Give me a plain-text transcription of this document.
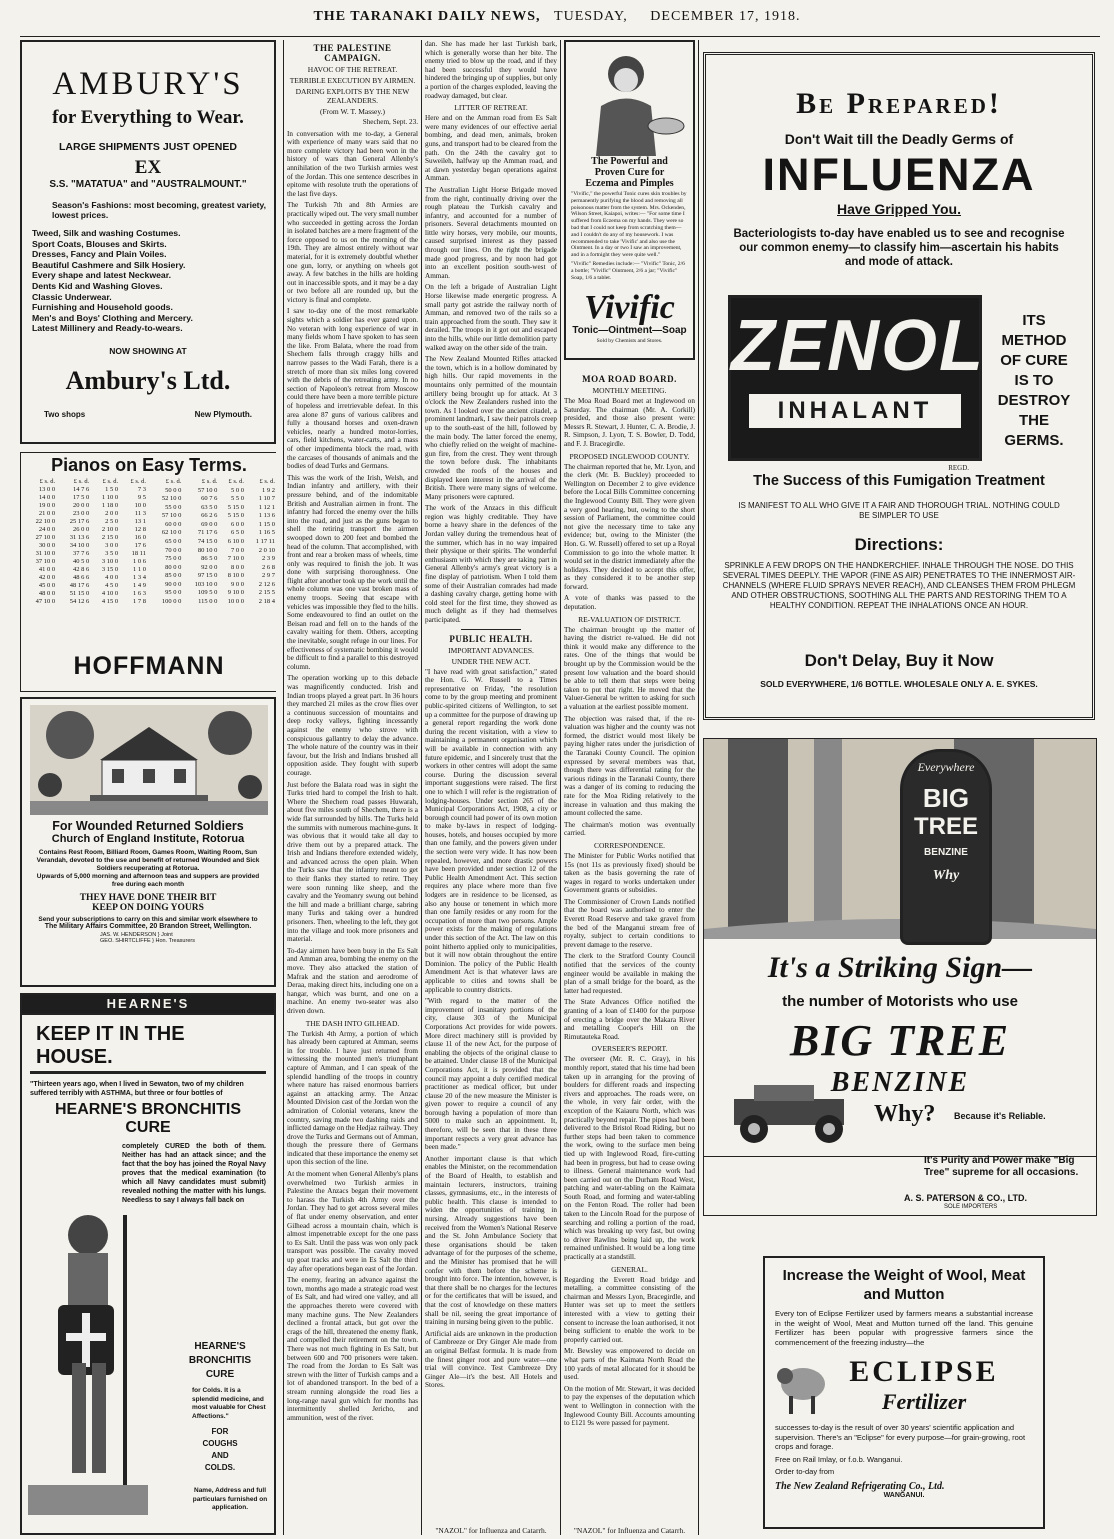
THE TARANAKI DAILY NEWS, TUESDAY, DECEMBER 17, 1918.
AMBURY'S
for Everything to Wear.
LARGE SHIPMENTS JUST OPENED
EX
S.S. "MATATUA" and "AUSTRALMOUNT."
Season's Fashions: most becoming, greatest variety, lowest prices.
Tweed, Silk and washing Costumes.
Sport Coats, Blouses and Skirts.
Dresses, Fancy and Plain Voiles.
Beautiful Cashmere and Silk Hosiery.
Every shape and latest Neckwear.
Dents Kid and Washing Gloves.
Classic Underwear.
Furnishing and Household goods.
Men's and Boys' Clothing and Mercery.
Latest Millinery and Ready-to-wears.
NOW SHOWING AT
Ambury's Ltd.
Two shops	New Plymouth.
Pianos on Easy Terms.
£ s. d.	£ s. d.	£ s. d.	£ s. d.
13 0 0	14 7 6	1 5 0	7 3
14 0 0	17 5 0	1 10 0	9 5
19 0 0	20 0 0	1 18 0	10 0
21 0 0	23 0 0	2 0 0	11 3
22 10 0	25 17 6	2 5 0	13 1
24 0 0	26 0 0	2 10 0	12 8
27 10 0	31 13 6	2 15 0	16 0
30 0 0	34 10 0	3 0 0	17 6
31 10 0	37 7 6	3 5 0	18 11
37 10 0	40 5 0	3 10 0	1 0 6
41 0 0	42 8 6	3 15 0	1 1 0
42 0 0	48 6 6	4 0 0	1 3 4
45 0 0	48 17 6	4 5 0	1 4 9
48 0 0	51 15 0	4 10 0	1 6 3
47 10 0	54 12 6	4 15 0	1 7 8
£ s. d.	£ s. d.	£ s. d.	£ s. d.
50 0 0	57 10 0	5 0 0	1 9 2
52 10 0	60 7 6	5 5 0	1 10 7
55 0 0	63 5 0	5 15 0	1 12 1
57 10 0	66 2 6	5 15 0	1 13 6
60 0 0	69 0 0	6 0 0	1 15 0
62 10 0	71 17 6	6 5 0	1 16 5
65 0 0	74 15 0	6 10 0	1 17 11
70 0 0	80 10 0	7 0 0	2 0 10
75 0 0	86 5 0	7 10 0	2 3 9
80 0 0	92 0 0	8 0 0	2 6 8
85 0 0	97 15 0	8 10 0	2 9 7
90 0 0	103 10 0	9 0 0	2 12 6
95 0 0	109 5 0	9 10 0	2 15 5
100 0 0	115 0 0	10 0 0	2 18 4
HOFFMANN
For Wounded Returned Soldiers
Church of England Institute, Rotorua
Contains Rest Room, Billiard Room, Games Room, Waiting Room, Sun Verandah, devoted to the use and benefit of returned Wounded and Sick Soldiers recuperating at Rotorua.
Upwards of 5,000 morning and afternoon teas and suppers are provided free during each month
THEY HAVE DONE THEIR BIT
KEEP ON DOING YOURS
Send your subscriptions to carry on this and similar work elsewhere to
The Military Affairs Committee, 20 Brandon Street, Wellington.
JAS. W. HENDERSON } Joint
GEO. SHIRTCLIFFE } Hon. Treasurers
HEARNE'S
KEEP IT IN THE HOUSE.
"Thirteen years ago, when I lived in Sewaton, two of my children suffered terribly with ASTHMA, but three or four bottles of
HEARNE'S BRONCHITIS CURE
completely CURED the both of them. Neither has had an attack since; and the fact that the boy has joined the Royal Navy proves that the medical examination (to which all Navy candidates must submit) revealed nothing the matter with his lungs. Needless to say I always fall back on
HEARNE'S
BRONCHITIS
CURE
for Colds. It is a splendid medicine, and most valuable for Chest Affections."
FOR
COUGHS
AND
COLDS.
Name, Address and full particulars furnished on application.
THE PALESTINE CAMPAIGN.
HAVOC OF THE RETREAT.
TERRIBLE EXECUTION BY AIRMEN.
DARING EXPLOITS BY THE NEW ZEALANDERS.
(From W. T. Massey.)
Shechem, Sept. 23.

In conversation with me to-day, a General with experience of many wars said that no more complete victory had been won in the history of wars than General Allenby's annihilation of the two Turkish armies west of the Jordan. This one sentence describes in epitome with resolute truth the operations of the last five days.

The Turkish 7th and 8th Armies are practically wiped out. The very small number who succeeded in getting across the Jordan in isolated batches are a mere fragment of the force opposed to us on the morning of the 19th. They are almost entirely without war material, for it is extremely doubtful whether one gun, lorry, or anything on wheels got away. A few batches in the hills are holding out in inaccessible spots, and it may be a day or two before all are rounded up, but the victory is final and complete.

I saw to-day one of the most remarkable sights which a soldier has ever gazed upon. No veteran with long experience of war in many fields whom I have spoken to has seen the like. From Balata, where the road from Shechem falls through craggy hills and narrow passes to the Wadi Farah, there is a stretch of more than six miles long covered with the debris of the retreating army. In no section of Napoleon's retreat from Moscow could there have been a more terrible picture of hopeless and irretrievable defeat. In this area alone 87 guns of various calibres and fully a thousand horses and oxen-drawn vehicles, nearly a hundred motor-lorries, cars, field kitchens, water-carts, and a mass of other impedimenta block the road, with the carcases of thousands of animals and the bodies of dead Turks and Germans.

This was the work of the Irish, Welsh, and Indian infantry and artillery, with their pressure behind, and of the indomitable British and Australian airmen in front. The infantry had forced the enemy over the hills into the road, and just as the guns began to shell the retiring transport the airmen swooped down to 200 feet and bombed the head of the column. That accomplished, with front and rear a broken mass of wheels, time only was required to finish the job. It was done with surprising thoroughness. One flight after another took up the work until the whole column was one vast broken mass of enemy troops. Seeing that escape with vehicles was impossible they fled to the hills. Some endeavoured to find an outlet on the Beisan road and fell on to the hands of the cavalry waiting for them. Others, accepting the inevitable, sought refuge in our lines. For effectiveness of systematic bombing it would be difficult to find a parallel to this destroyed column.

The operation working up to this debacle was magnificently conducted. Irish and Indian troops played a great part. In 36 hours they marched 21 miles as the crow flies over a continuous succession of mountains and deep rocky valleys, fighting incessantly against the enemy who strove with conspicuous gallantry to delay the advance. The whole nature of the country was in their favour, but the Irish and Indians brushed all opposition aside. They fought with superb courage.

Just before the Balata road was in sight the Turks tried hard to compel the Irish to halt. Where the Shechem road passes Huwarah, about five miles south of Shechem, there is a wide flat surrounded by hills. The Turks held the summits with numerous machine-guns. It was obvious that it would take all day to drive them out by a prepared attack. The Irish and Indians therefore extended widely, and advanced across the open plain. When the Turks saw that the infantry meant to get to their flanks they started to retire. They were soon running like sheep, and the cavalry and the Yeomanry swung out behind the hill and made a brilliant charge, sabring many Turks and taking over a hundred prisoners. Then, wheeling to the left, they got into the village and took more prisoners and material.

To-day airmen have been busy in the Es Salt and Amman area, bombing the enemy on the move. They also attacked the station of Mafrak and the station and aerodrome of Deraa, making direct hits, including one on a hangar, which was burnt, and one on a machine. An enemy two-seater was also driven down.

THE DASH INTO GILHEAD.

The Turkish 4th Army, a portion of which has already been captured at Amman, seems in for trouble. I have just returned from witnessing the mounted men's triumphant capture of Amman, and I can speak of the splendid handling of the troops in country where nature has raised enormous barriers against an attacking army. The Anzac Mounted Division cast of the Jordan won the admiration of Colonial veterans, knew the country, saving made two dashing raids and inflicted damage on the Hedjaz railway. They drove the Turks and Germans out of Amman, though the pressure there of Germans indicated that these importance the enemy set upon this section of the line.

At the moment when General Allenby's plans overwhelmed two Turkish armies in Palestine the Anzacs began their movement to harass the Turkish 4th Army over the Jordan. They had to get across several miles of flat under enemy observation, and enter Gilhead across a mountain chain, which is almost impenetrable except for the one pass to Es Salt. Until the pass was won only pack transport was possible. The cavalry moved up goat tracks and were in Es Salt the third day after operations began east of the Jordan.

The enemy, fearing an advance against the town, months ago made a strategic road west of Es Salt, and had wired one valley, and all the approaches thereto were covered with many machine guns. The New Zealanders declined a frontal attack, but got over the crags of the hill, threatened the enemy flank, and compelled their retirement on the town. There was not much fighting in Es Salt, but between 600 and 700 prisoners were taken. The road from the Jordan to Es Salt was strewn with the litter of Turkish camps and a lot of abandoned transport. In the bed of a stream running alongside the road lies a long-range naval gun which for months has intermittently shelled Jericho, and ammunition, west of the river.

dan. She has made her last Turkish bark, which is generally worse than her bite. The enemy tried to blow up the road, and if they had been successful they would have hindered the bringing up of supplies, but only a portion of the charges exploded, leaving the roadway damaged, but clear.

LITTER OF RETREAT.

Here and on the Amman road from Es Salt were many evidences of our effective aerial bombing, and dead men, animals, broken guns, and transport had to be cleared from the path. On the 24th the cavalry got to Suweileh, halfway up the Amman road, and at dawn yesterday began operations against Amman.

The Australian Light Horse Brigade moved from the right, continually driving over the rough plateau the Turkish cavalry and infantry, and accounted for a number of prisoners. Several detachments mounted on little wiry horses, very mobile, our mounts, caused surprised interest as they passed through our lines. On the right the brigade made good progress, and by noon had got into an excellent position south-west of Amman.

On the left a brigade of Australian Light Horse likewise made energetic progress. A small party got astride the railway north of Amman, and removed two of the rails so a train approached from the south. They saw it derailed. The troops in it got out and escaped into the hills, while our little demolition party walked away on the other side of the train.

The New Zealand Mounted Rifles attacked the town, which is in a hollow dominated by high hills. Our rapid movements in the mountains only permitted of the mountain artillery being brought up for attack. At 3 o'clock the New Zealanders rushed into the town. As I looked over the ancient citadel, a prominent landmark, I saw their patrols creep up to the south-east of the hill, followed by the main body. The latter forced the enemy, who chiefly relied on the weight of machine-gun fire, from the crest. They went through the town before dusk. The inhabitants crowded the roofs of the houses and displayed keen interest in the arrival of the British. There were many signs of welcome. Many prisoners were captured.

The work of the Anzacs in this difficult region was highly creditable. They have borne a heavy share in the defences of the Jordan valley during the tremendous heat of the summer, which has in no way impaired their physique or their spirits. The wonderful enthusiasm with which they are taking part in General Allenby's army's great victory is a fine display of patriotism. When I told them some of their Australian comrades had made a dashing cavalry charge, getting home with cold steel for the first time, they showed as much delight as if they had themselves participated.

PUBLIC HEALTH.
IMPORTANT ADVANCES.
UNDER THE NEW ACT.

"I have read with great satisfaction," stated the Hon. G. W. Russell to a Times representative on Friday, "the resolution come to by the group meeting and prominent public-spirited citizens of Wellington, to set up a committee for the purpose of drawing up a general report regarding the work done during the recent visitation, with a view to maintaining a permanent organisation which will be available in connection with any future epidemic, and I sincerely trust that the workers in other centres will adopt the same course. During the discussion several important suggestions were raised. The first one to which I will refer is the registration of lodging-houses. Under section 265 of the Municipal Corporations Act, 1908, a city or borough council had power of its own motion to make by-laws in respect of lodging-houses, hotels, and houses occupied by more than one family, and the powers given under the section were very wide. It has now been repealed, however, and more drastic powers have been provided under section 12 of the Public Health Amendment Act. This section requires any place where more than five lodgers are in residence to be licensed, as also any house or tenement in which more than one family resides or any room for the occupation of more than two persons. Ample power exists for the making of regulations under this section of the Act. The law on this point hitherto applied only to municipalities, but it will now obtain throughout the entire Dominion. The policy of the Public Health Amendment Act is that whatever laws are applicable to cities and towns shall be applicable to country districts.

"With regard to the matter of the improvement of insanitary portions of the city, clause 303 of the Municipal Corporations Act provides for wide powers. More direct machinery still is provided by clause 11 of the new Act, for the purpose of enabling the objects of the original clause to be attained. Under clause 18 of the Municipal Corporations Act, it is provided that the council may appoint a duly certified medical practitioner as medical officer, but under clause 20 of the new measure the Minister is given power to require a council of any borough having a population of more than 5000 to make such an appointment. It, therefore, will be seen that in these three important respects a very great advance has been made."

Another important clause is that which enables the Minister, on the recommendation of the Board of Health, to establish and maintain lecturers, instructors, training classes, gymnasiums, etc., in the interests of public health. This clause is intended to widen the opportunities of training in nursing. Already suggestions have been received from the Women's National Reserve and the St. John Ambulance Society that these organisations should be taken advantage of for the purposes of the scheme, and the Minister has promised that he will confer with them before the scheme is brought into force. The intention, however, is that there shall be no charges for the lectures or for the certificates that will be issued, and that the cost of knowledge on these matters shall be nil, seeing the great importance of training in nursing being given to the public.

Artificial aids are unknown in the production of Cambreeze or Dry Ginger Ale made from an original Belfast formula. It is made from the finest ginger root and pure water—one trial will convince. Test Cambreeze Dry Ginger Ale—it's the best. All Hotels and Stores.

"NAZOL" for Influenza and Catarrh.
The Powerful and
Proven Cure for
Eczema and Pimples
"Vivific," the powerful Tonic cures skin troubles by permanently purifying the blood and removing all poisonous matter from the system. Mrs. Ockenden, Wilson Street, Kaiapoi, writes:— "For some time I suffered from Eczema on my hands. They were so bad that I could not keep from scratching them—and I couldn't do any of my housework. I was recommended to take 'Vivific' and also use the Ointment. In a day or two I saw an improvement, and in a fortnight they were quite well."
"Vivific" Remedies include:— "Vivific" Tonic, 2/6 a bottle; "Vivific" Ointment, 2/6 a jar; "Vivific" Soap, 1/6 a tablet.
Vivific
Tonic—Ointment—Soap
Sold by Chemists and Stores.
MOA ROAD BOARD.
MONTHLY MEETING.

The Moa Road Board met at Inglewood on Saturday. The chairman (Mr. A. Corkill) presided, and those also present were: Messrs R. Stewart, J. Hunter, C. A. Brodie, J. R. Simpson, J. Lyon, T. S. Bowler, D. Todd, and F. J. Bracegirdle.

PROPOSED INGLEWOOD COUNTY.

The chairman reported that he, Mr. Lyon, and the clerk (Mr. B. Buckley) proceeded to Wellington on December 2 to give evidence before the Local Bills Committee concerning the Inglewood County Bill. They were given a very good hearing, but, owing to the short session of Parliament, the committee could not give the necessary time to take any evidence; but, owing to the Minister (the Hon. G. W. Russell) offered to set up a Royal Commission to go into the whole matter. It would set in the district immediately after the holidays. They decided to accept this offer, as they considered it to be another step forward.

A vote of thanks was passed to the deputation.

RE-VALUATION OF DISTRICT.

The chairman brought up the matter of having the district re-valued. He did not think it would make any difference to the rates. One of the things that would be brought up by the Commission would be the present low valuation and the board should be able to tell them that steps were being taken to put that right. He moved that the Valuer-General be written to asking for such a valuation at the earliest possible moment.

The objection was raised that, if the re-valuation was higher and the county was not formed, the district would most likely be paying higher rates under the jurisdiction of the Taranaki County Council. The opinion expressed by several members was that, though there was differential rating for the various ridings in the Taranaki County, there was a danger of its coming to reducing the rate for the Moa Riding relatively to the increase in valuation and thus making the amount collected the same.

The chairman's motion was eventually carried.

CORRESPONDENCE.

The Minister for Public Works notified that 15s (not 11s as previously fixed) should be taken as the basis governing the rate of wages in regard to works undertaken under Government grants or subsidies.

The Commissioner of Crown Lands notified that the board was authorised to enter the Everett Road Reserve and take gravel from the bed of the Manganui stream free of royalty, subject to certain conditions to prevent damage to the reserve.

The clerk to the Stratford County Council notified that the services of the county engineer would be available in making the plan of a small bridge for the board, as the latter had requested.

The State Advances Office notified the granting of a loan of £1400 for the purpose of erecting a bridge over the Makara River and metalling Cooper's Hill on the Rimutauteka Road.

OVERSEER'S REPORT.

The overseer (Mr. R. C. Gray), in his monthly report, stated that his time had been taken up in arranging for the proving of boulders for different roads and inspecting rivers and approaches. The roads were, on the whole, in very fair order, with the exception of the Kaiauru North, which was practically beyond repair. The pipes had been delivered to the Bristol Road Riding, but no further steps had been taken to commence the work, owing to the surface men being tied up with Inglewood Road, fire-cutting had been in progress, but had to cease owing to illness. General maintenance work had been carried out on the Durham Road West, patching and water-tabling on the Kaimata South Road, and forming and water-tabling on the Fenton Road. The roller had been taken to the Lincoln Road for the purpose of searching and rolling a portion of the road, which was breaking up very fast, but owing to driver Rawlins being laid up, the work remained unfinished. It would be a long time practically at a standstill.

GENERAL.

Regarding the Everett Road bridge and metalling, a committee consisting of the chairman and Messrs Lyon, Bracegirdle, and Hunter was set up to meet the settlers interested with a view to getting their consent to increase the loan authorised, it not being sufficient to enable the work to be properly carried out.

Mr. Bewsley was empowered to decide on what parts of the Kaimata North Road the 100 yards of metal allocated for it should be used.

On the motion of Mr. Stewart, it was decided to pay the expenses of the deputation which went to Wellington in connection with the Inglewood County Bill. Accounts amounting to £121 9s were passed for payment.

"NAZOL" for Influenza and Catarrh.
Be Prepared!
Don't Wait till the Deadly Germs of
INFLUENZA
Have Gripped You.
Bacteriologists to-day have enabled us to see and recognise our common enemy—to classify him—ascertain his habits and mode of attack.
ZENOL
INHALANT
REGD.
ITS
METHOD
OF CURE
IS TO
DESTROY
THE
GERMS.
The Success of this Fumigation Treatment
IS MANIFEST TO ALL WHO GIVE IT A FAIR AND THOROUGH TRIAL. NOTHING COULD BE SIMPLER TO USE
Directions:
SPRINKLE A FEW DROPS ON THE HANDKERCHIEF. INHALE THROUGH THE NOSE. DO THIS SEVERAL TIMES DEEPLY. THE VAPOR (FINE AS AIR) PENETRATES TO THE INNERMOST AIR-CHANNELS (WHERE FLUID SPRAYS NEVER REACH), AND CLEANSES THEM FROM PHLEGM AND OTHER OBSTRUCTIONS, SOOTHING ALL THE PARTS AND RESTORING THEM TO A HEALTHY CONDITION. REPEAT THE INHALATIONS ONCE AN HOUR.
Don't Delay, Buy it Now
SOLD EVERYWHERE, 1/6 BOTTLE. WHOLESALE ONLY A. E. SYKES.
Everywhere
BIG
TREE
BENZINE
Why
It's a Striking Sign—
the number of Motorists who use
BIG TREE
BENZINE
Why? Because it's Reliable.
It's Purity and Power make "Big Tree" supreme for all occasions.
A. S. PATERSON & CO., LTD.
SOLE IMPORTERS
Increase the Weight of Wool, Meat and Mutton
Every ton of Eclipse Fertilizer used by farmers means a substantial increase in the weight of Wool, Meat and Mutton turned off the land. This genuine Fertilizer has been popular with progressive farmers since the commencement of the freezing industry—the
ECLIPSE
Fertilizer
successes to-day is the result of over 30 years' scientific application and supervision. There's an "Eclipse" for every purpose—for grain-growing, root crops and forage.
Free on Rail Imlay, or f.o.b. Wanganui.
Order to-day from
The New Zealand Refrigerating Co., Ltd.
WANGANUI.
